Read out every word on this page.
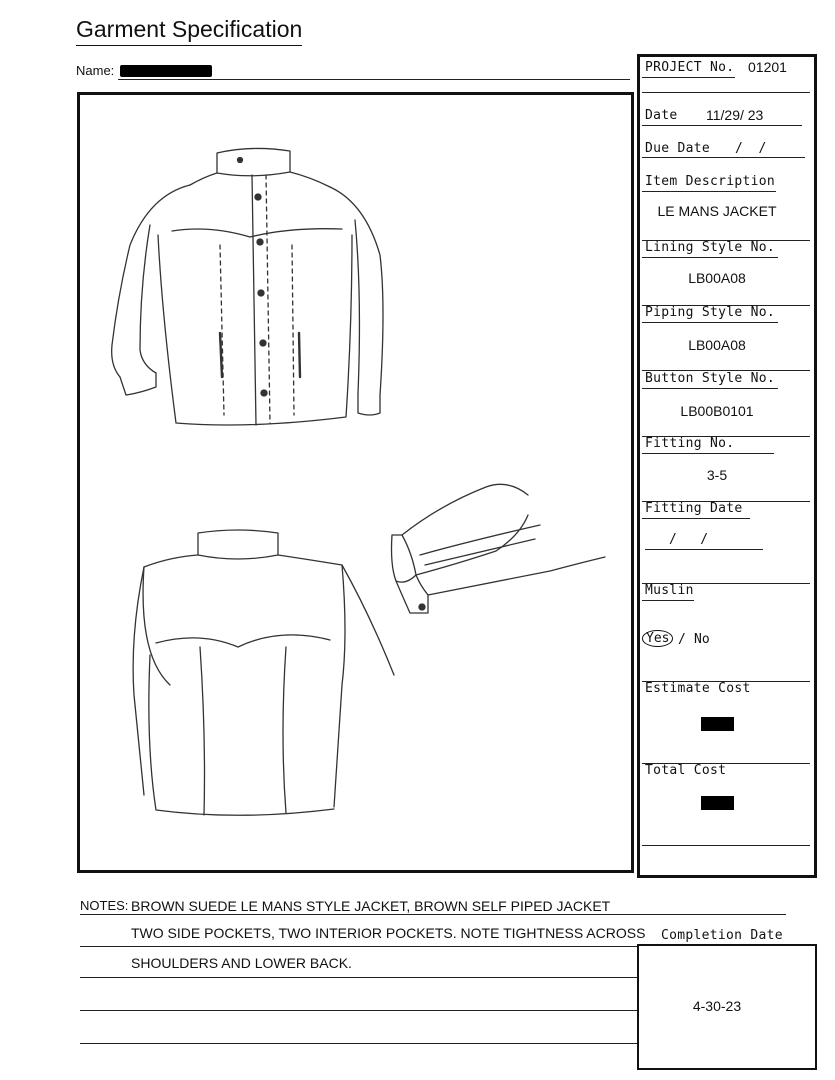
Garment Specification
Name:	PROJECT No. 01201
Date 11/29/ 23
Due Date /  /
Item Description
LE MANS JACKET
Lining Style No.
LB00A08
Piping Style No.
LB00A08
Button Style No.
LB00B0101
Fitting No.
3-5
Fitting Date
/   /
Muslin
Yes / No
Estimate Cost
Total Cost
NOTES: BROWN SUEDE LE MANS STYLE JACKET, BROWN SELF PIPED JACKET
TWO SIDE POCKETS, TWO INTERIOR POCKETS. NOTE TIGHTNESS ACROSS
SHOULDERS AND LOWER BACK.
Completion Date
4-30-23
